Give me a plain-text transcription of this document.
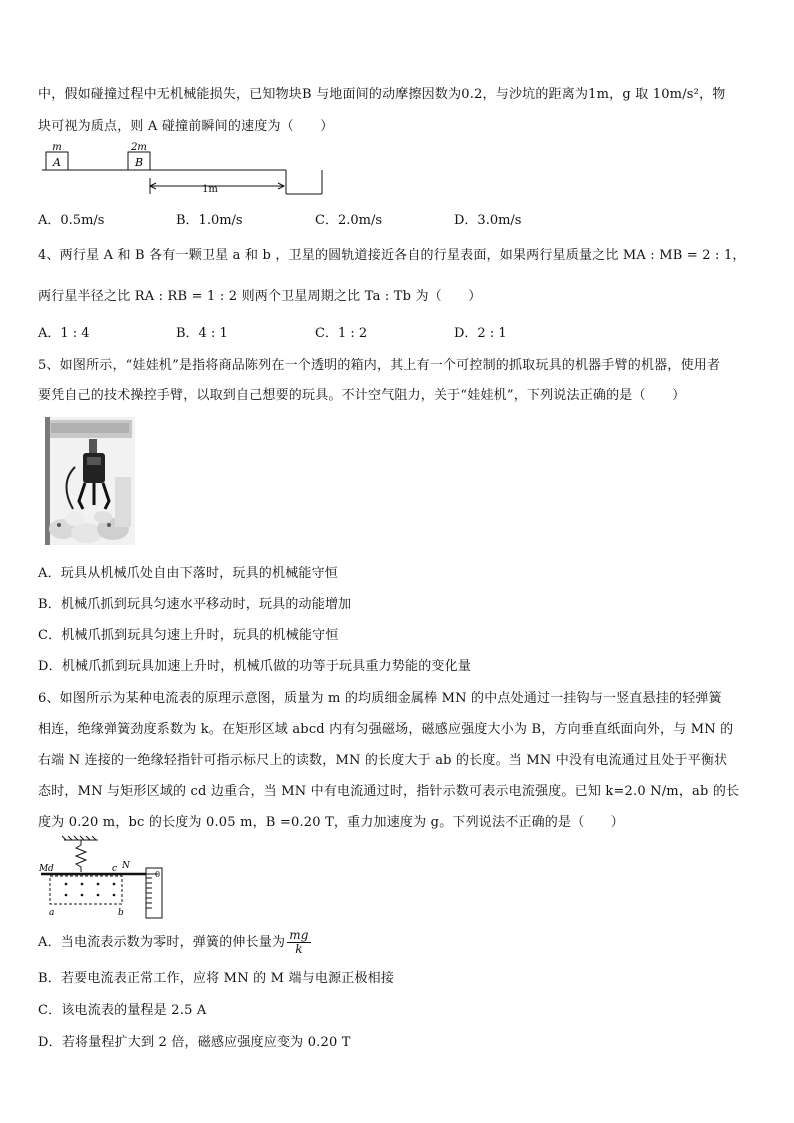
中，假如碰撞过程中无机械能损失，已知物块B 与地面间的动摩擦因数为0.2，与沙坑的距离为1m，g 取 10m/s²，物
块可视为质点，则 A 碰撞前瞬间的速度为（　　）
m
A
2m
B
1m
A．0.5m/s	B．1.0m/s	C．2.0m/s	D．3.0m/s
4、两行星 A 和 B 各有一颗卫星 a 和 b ，卫星的圆轨道接近各自的行星表面，如果两行星质量之比 MA : MB = 2 : 1，
两行星半径之比 RA : RB = 1 : 2 则两个卫星周期之比 Ta : Tb 为（　　）
A．1 : 4	B．4 : 1	C．1 : 2	D．2 : 1
5、如图所示，“娃娃机”是指将商品陈列在一个透明的箱内，其上有一个可控制的抓取玩具的机器手臂的机器，使用者
要凭自己的技术操控手臂，以取到自己想要的玩具。不计空气阻力，关于“娃娃机”，下列说法正确的是（　　）
A．玩具从机械爪处自由下落时，玩具的机械能守恒
B．机械爪抓到玩具匀速水平移动时，玩具的动能增加
C．机械爪抓到玩具匀速上升时，玩具的机械能守恒
D．机械爪抓到玩具加速上升时，机械爪做的功等于玩具重力势能的变化量
6、如图所示为某种电流表的原理示意图，质量为 m 的均质细金属棒 MN 的中点处通过一挂钩与一竖直悬挂的轻弹簧
相连，绝缘弹簧劲度系数为 k。在矩形区域 abcd 内有匀强磁场，磁感应强度大小为 B，方向垂直纸面向外，与 MN 的
右端 N 连接的一绝缘轻指针可指示标尺上的读数，MN 的长度大于 ab 的长度。当 MN 中没有电流通过且处于平衡状
态时，MN 与矩形区域的 cd 边重合，当 MN 中有电流通过时，指针示数可表示电流强度。已知 k=2.0 N/m，ab 的长
度为 0.20 m，bc 的长度为 0.05 m，B =0.20 T，重力加速度为 g。下列说法不正确的是（　　）
M d	c N
a	b
0
A．当电流表示数为零时，弹簧的伸长量为 $\frac{mg}{k}$
B．若要电流表正常工作，应将 MN 的 M 端与电源正极相接
C．该电流表的量程是 2.5 A
D．若将量程扩大到 2 倍，磁感应强度应变为 0.20 T
